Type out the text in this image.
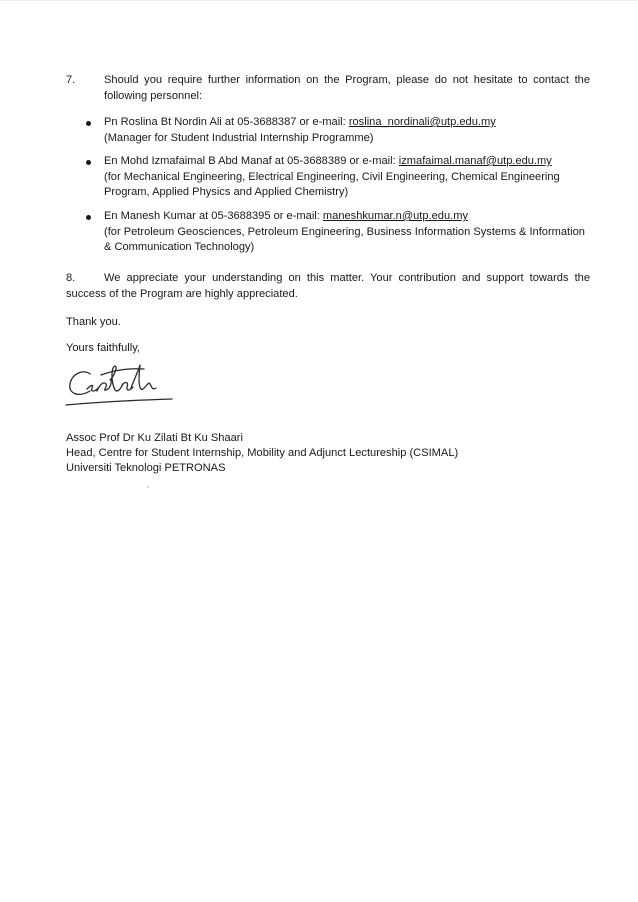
7.	Should you require further information on the Program, please do not hesitate to contact the following personnel:
Pn Roslina Bt Nordin Ali at 05-3688387 or e-mail: roslina_nordinali@utp.edu.my
(Manager for Student Industrial Internship Programme)
En Mohd Izmafaimal B Abd Manaf at 05-3688389 or e-mail: izmafaimal.manaf@utp.edu.my
(for Mechanical Engineering, Electrical Engineering, Civil Engineering, Chemical Engineering Program, Applied Physics and Applied Chemistry)
En Manesh Kumar at 05-3688395 or e-mail: maneshkumar.n@utp.edu.my
(for Petroleum Geosciences, Petroleum Engineering, Business Information Systems & Information & Communication Technology)
8.	We appreciate your understanding on this matter. Your contribution and support towards the success of the Program are highly appreciated.
Thank you.
Yours faithfully,
Assoc Prof Dr Ku Zilati Bt Ku Shaari
Head, Centre for Student Internship, Mobility and Adjunct Lectureship (CSIMAL)
Universiti Teknologi PETRONAS
